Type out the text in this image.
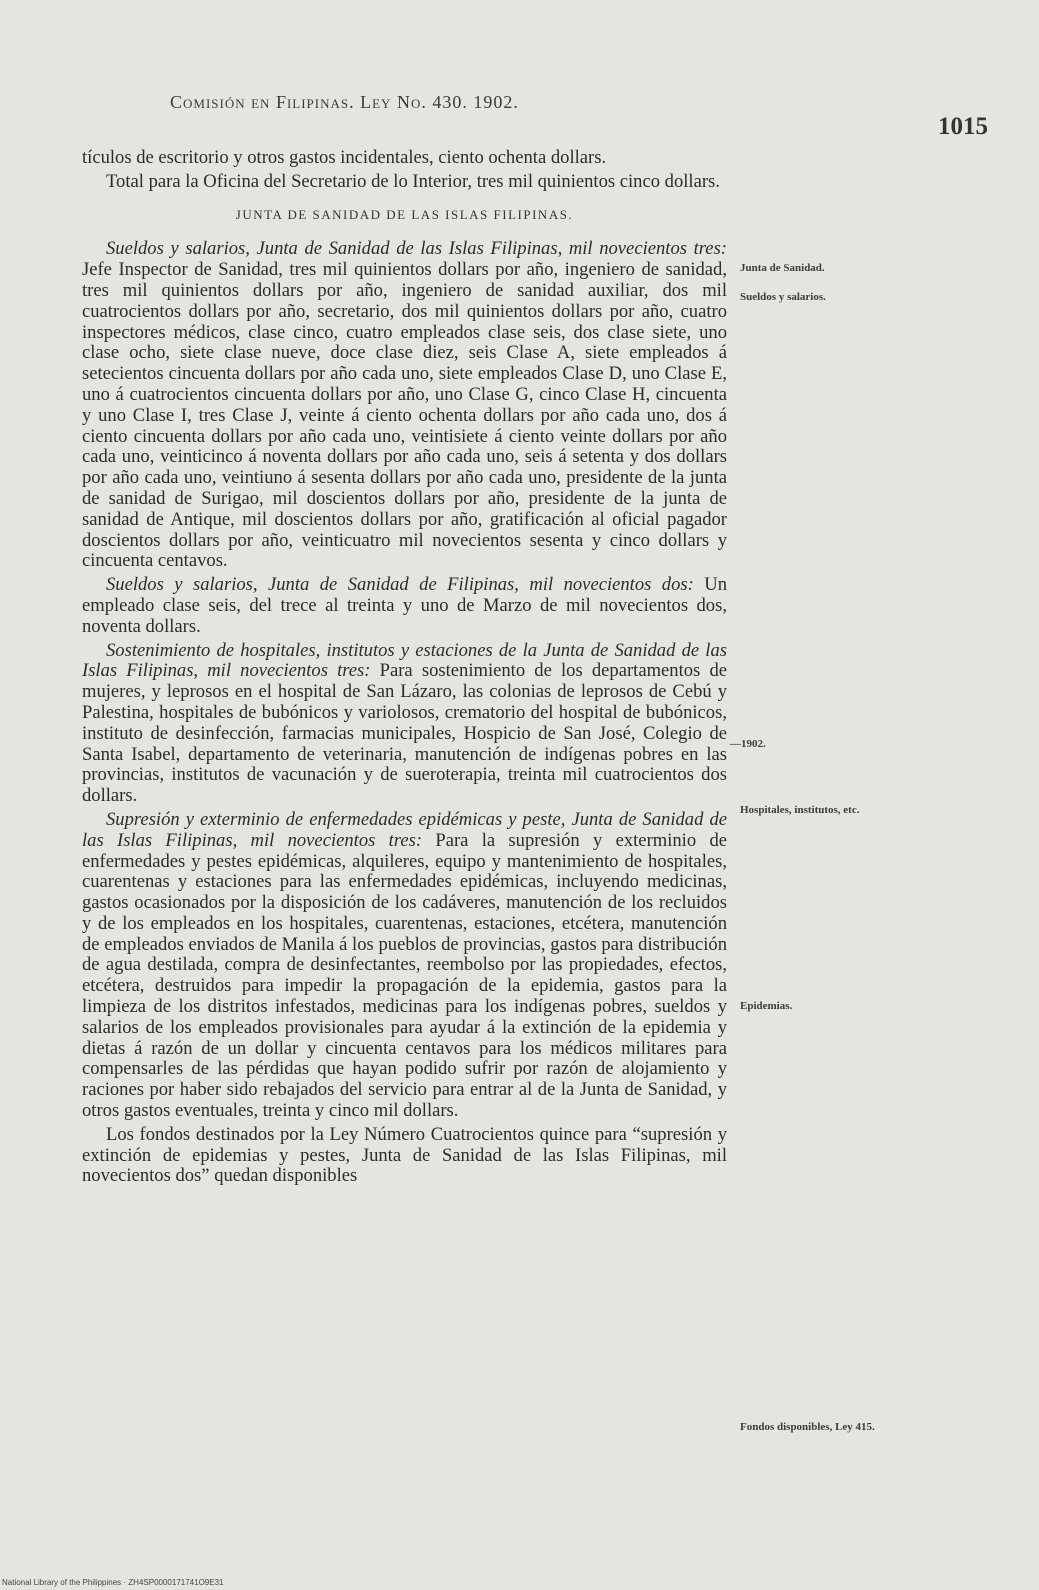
Comisión en Filipinas. Ley No. 430. 1902.
1015

tículos de escritorio y otros gastos incidentales, ciento ochenta dollars.

Total para la Oficina del Secretario de lo Interior, tres mil quinientos cinco dollars.

JUNTA DE SANIDAD DE LAS ISLAS FILIPINAS.

Sueldos y salarios, Junta de Sanidad de las Islas Filipinas, mil novecientos tres: Jefe Inspector de Sanidad, tres mil quinientos dollars por año, ingeniero de sanidad, tres mil quinientos dollars por año, ingeniero de sanidad auxiliar, dos mil cuatrocientos dollars por año, secretario, dos mil quinientos dollars por año, cuatro inspectores médicos, clase cinco, cuatro empleados clase seis, dos clase siete, uno clase ocho, siete clase nueve, doce clase diez, seis Clase A, siete empleados á setecientos cincuenta dollars por año cada uno, siete empleados Clase D, uno Clase E, uno á cuatrocientos cincuenta dollars por año, uno Clase G, cinco Clase H, cincuenta y uno Clase I, tres Clase J, veinte á ciento ochenta dollars por año cada uno, dos á ciento cincuenta dollars por año cada uno, veintisiete á ciento veinte dollars por año cada uno, veinticinco á noventa dollars por año cada uno, seis á setenta y dos dollars por año cada uno, veintiuno á sesenta dollars por año cada uno, presidente de la junta de sanidad de Surigao, mil doscientos dollars por año, presidente de la junta de sanidad de Antique, mil doscientos dollars por año, gratificación al oficial pagador doscientos dollars por año, veinticuatro mil novecientos sesenta y cinco dollars y cincuenta centavos.

Sueldos y salarios, Junta de Sanidad de Filipinas, mil novecientos dos: Un empleado clase seis, del trece al treinta y uno de Marzo de mil novecientos dos, noventa dollars.

Sostenimiento de hospitales, institutos y estaciones de la Junta de Sanidad de las Islas Filipinas, mil novecientos tres: Para sostenimiento de los departamentos de mujeres, y leprosos en el hospital de San Lázaro, las colonias de leprosos de Cebú y Palestina, hospitales de bubónicos y variolosos, crematorio del hospital de bubónicos, instituto de desinfección, farmacias municipales, Hospicio de San José, Colegio de Santa Isabel, departamento de veterinaria, manutención de indígenas pobres en las provincias, institutos de vacunación y de sueroterapia, treinta mil cuatrocientos dos dollars.

Supresión y exterminio de enfermedades epidémicas y peste, Junta de Sanidad de las Islas Filipinas, mil novecientos tres: Para la supresión y exterminio de enfermedades y pestes epidémicas, alquileres, equipo y mantenimiento de hospitales, cuarentenas y estaciones para las enfermedades epidémicas, incluyendo medicinas, gastos ocasionados por la disposición de los cadáveres, manutención de los recluidos y de los empleados en los hospitales, cuarentenas, estaciones, etcétera, manutención de empleados enviados de Manila á los pueblos de provincias, gastos para distribución de agua destilada, compra de desinfectantes, reembolso por las propiedades, efectos, etcétera, destruidos para impedir la propagación de la epidemia, gastos para la limpieza de los distritos infestados, medicinas para los indígenas pobres, sueldos y salarios de los empleados provisionales para ayudar á la extinción de la epidemia y dietas á razón de un dollar y cincuenta centavos para los médicos militares para compensarles de las pérdidas que hayan podido sufrir por razón de alojamiento y raciones por haber sido rebajados del servicio para entrar al de la Junta de Sanidad, y otros gastos eventuales, treinta y cinco mil dollars.

Los fondos destinados por la Ley Número Cuatrocientos quince para “supresión y extinción de epidemias y pestes, Junta de Sanidad de las Islas Filipinas, mil novecientos dos” quedan disponibles

Junta de Sanidad.
Sueldos y salarios.
—1902.
Hospitales, institutos, etc.
Epidemias.
Fondos disponibles, Ley 415.
National Library of the Philippines · ZH4SP0000171741O9E31
